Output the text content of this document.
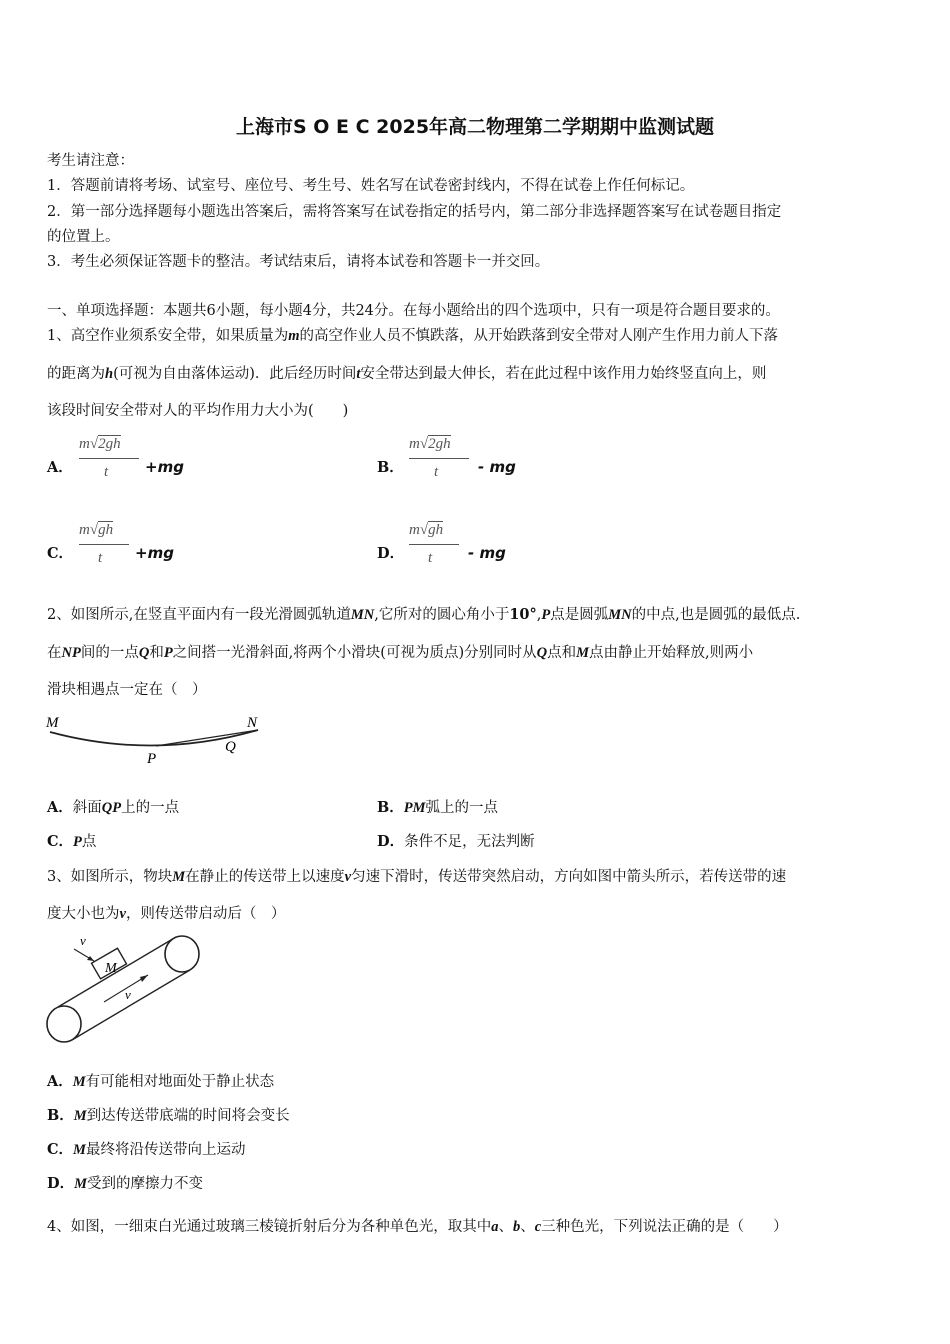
上海市S O E C 2025年高二物理第二学期期中监测试题
考生请注意：
1．答题前请将考场、试室号、座位号、考生号、姓名写在试卷密封线内，不得在试卷上作任何标记。
2．第一部分选择题每小题选出答案后，需将答案写在试卷指定的括号内，第二部分非选择题答案写在试卷题目指定
的位置上。
3．考生必须保证答题卡的整洁。考试结束后，请将本试卷和答题卡一并交回。
一、单项选择题：本题共6小题，每小题4分，共24分。在每小题给出的四个选项中，只有一项是符合题目要求的。
1、高空作业须系安全带，如果质量为m的高空作业人员不慎跌落，从开始跌落到安全带对人刚产生作用力前人下落
的距离为h(可视为自由落体运动)．此后经历时间t安全带达到最大伸长，若在此过程中该作用力始终竖直向上，则
该段时间安全带对人的平均作用力大小为(　　)
A．
m√2gh
t +mg	B．
m√2gh
t	- mg
C．
m√gh
t +mg	D．
m√gh
t - mg
2、如图所示,在竖直平面内有一段光滑圆弧轨道MN,它所对的圆心角小于10°,P点是圆弧MN的中点,也是圆弧的最低点.
在NP间的一点Q和P之间搭一光滑斜面,将两个小滑块(可视为质点)分别同时从Q点和M点由静止开始释放,则两小
滑块相遇点一定在（　）
M	N
P
Q
A．斜面QP上的一点	B．PM弧上的一点
C．P点	D．条件不足，无法判断
3、如图所示，物块M在静止的传送带上以速度v匀速下滑时，传送带突然启动，方向如图中箭头所示，若传送带的速
度大小也为v，则传送带启动后（　）
M
v
v
A．M有可能相对地面处于静止状态
B．M到达传送带底端的时间将会变长
C．M最终将沿传送带向上运动
D．M受到的摩擦力不变
4、如图，一细束白光通过玻璃三棱镜折射后分为各种单色光，取其中a、b、c三种色光，下列说法正确的是（　　）
